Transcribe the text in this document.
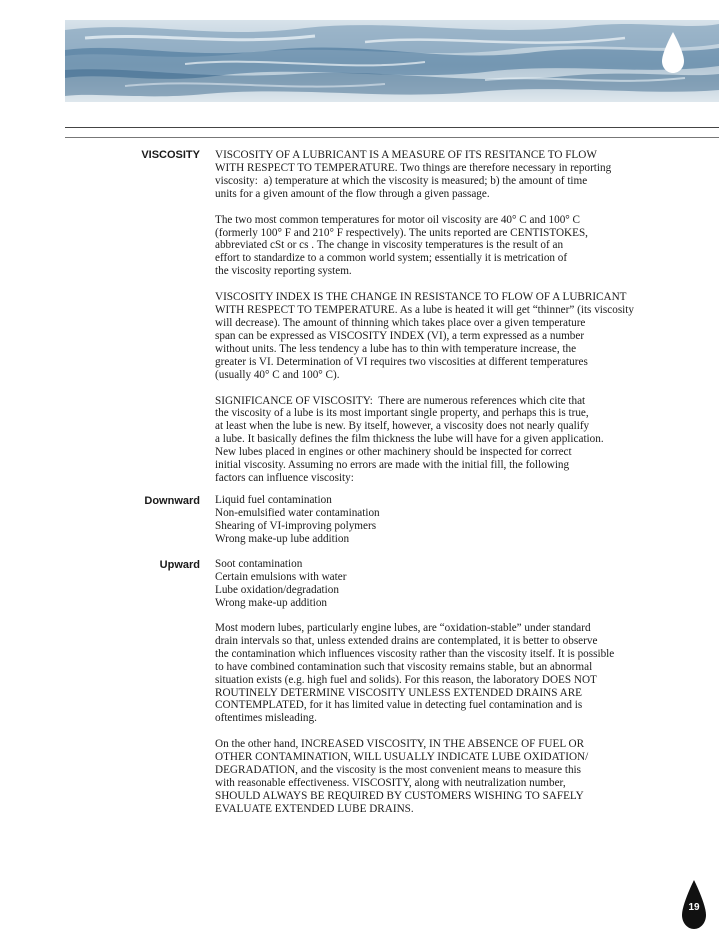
VISCOSITY VISCOSITY OF A LUBRICANT IS A MEASURE OF ITS RESITANCE TO FLOW
WITH RESPECT TO TEMPERATURE. Two things are therefore necessary in reporting
viscosity:  a) temperature at which the viscosity is measured; b) the amount of time
units for a given amount of the flow through a given passage.
The two most common temperatures for motor oil viscosity are 40° C and 100° C
(formerly 100° F and 210° F respectively). The units reported are CENTISTOKES,
abbreviated cSt or cs . The change in viscosity temperatures is the result of an
effort to standardize to a common world system; essentially it is metrication of
the viscosity reporting system.
VISCOSITY INDEX IS THE CHANGE IN RESISTANCE TO FLOW OF A LUBRICANT
WITH RESPECT TO TEMPERATURE. As a lube is heated it will get “thinner” (its viscosity
will decrease). The amount of thinning which takes place over a given temperature
span can be expressed as VISCOSITY INDEX (VI), a term expressed as a number
without units. The less tendency a lube has to thin with temperature increase, the
greater is VI. Determination of VI requires two viscosities at different temperatures
(usually 40° C and 100° C).
SIGNIFICANCE OF VISCOSITY:  There are numerous references which cite that
the viscosity of a lube is its most important single property, and perhaps this is true,
at least when the lube is new. By itself, however, a viscosity does not nearly qualify
a lube. It basically defines the film thickness the lube will have for a given application.
New lubes placed in engines or other machinery should be inspected for correct
initial viscosity. Assuming no errors are made with the initial fill, the following
factors can influence viscosity:
Downward Liquid fuel contamination
Non-emulsified water contamination
Shearing of VI-improving polymers
Wrong make-up lube addition
Upward Soot contamination
Certain emulsions with water
Lube oxidation/degradation
Wrong make-up addition
Most modern lubes, particularly engine lubes, are “oxidation-stable” under standard
drain intervals so that, unless extended drains are contemplated, it is better to observe
the contamination which influences viscosity rather than the viscosity itself. It is possible
to have combined contamination such that viscosity remains stable, but an abnormal
situation exists (e.g. high fuel and solids). For this reason, the laboratory DOES NOT
ROUTINELY DETERMINE VISCOSITY UNLESS EXTENDED DRAINS ARE
CONTEMPLATED, for it has limited value in detecting fuel contamination and is
oftentimes misleading.
On the other hand, INCREASED VISCOSITY, IN THE ABSENCE OF FUEL OR
OTHER CONTAMINATION, WILL USUALLY INDICATE LUBE OXIDATION/
DEGRADATION, and the viscosity is the most convenient means to measure this
with reasonable effectiveness. VISCOSITY, along with neutralization number,
SHOULD ALWAYS BE REQUIRED BY CUSTOMERS WISHING TO SAFELY
EVALUATE EXTENDED LUBE DRAINS.
19
